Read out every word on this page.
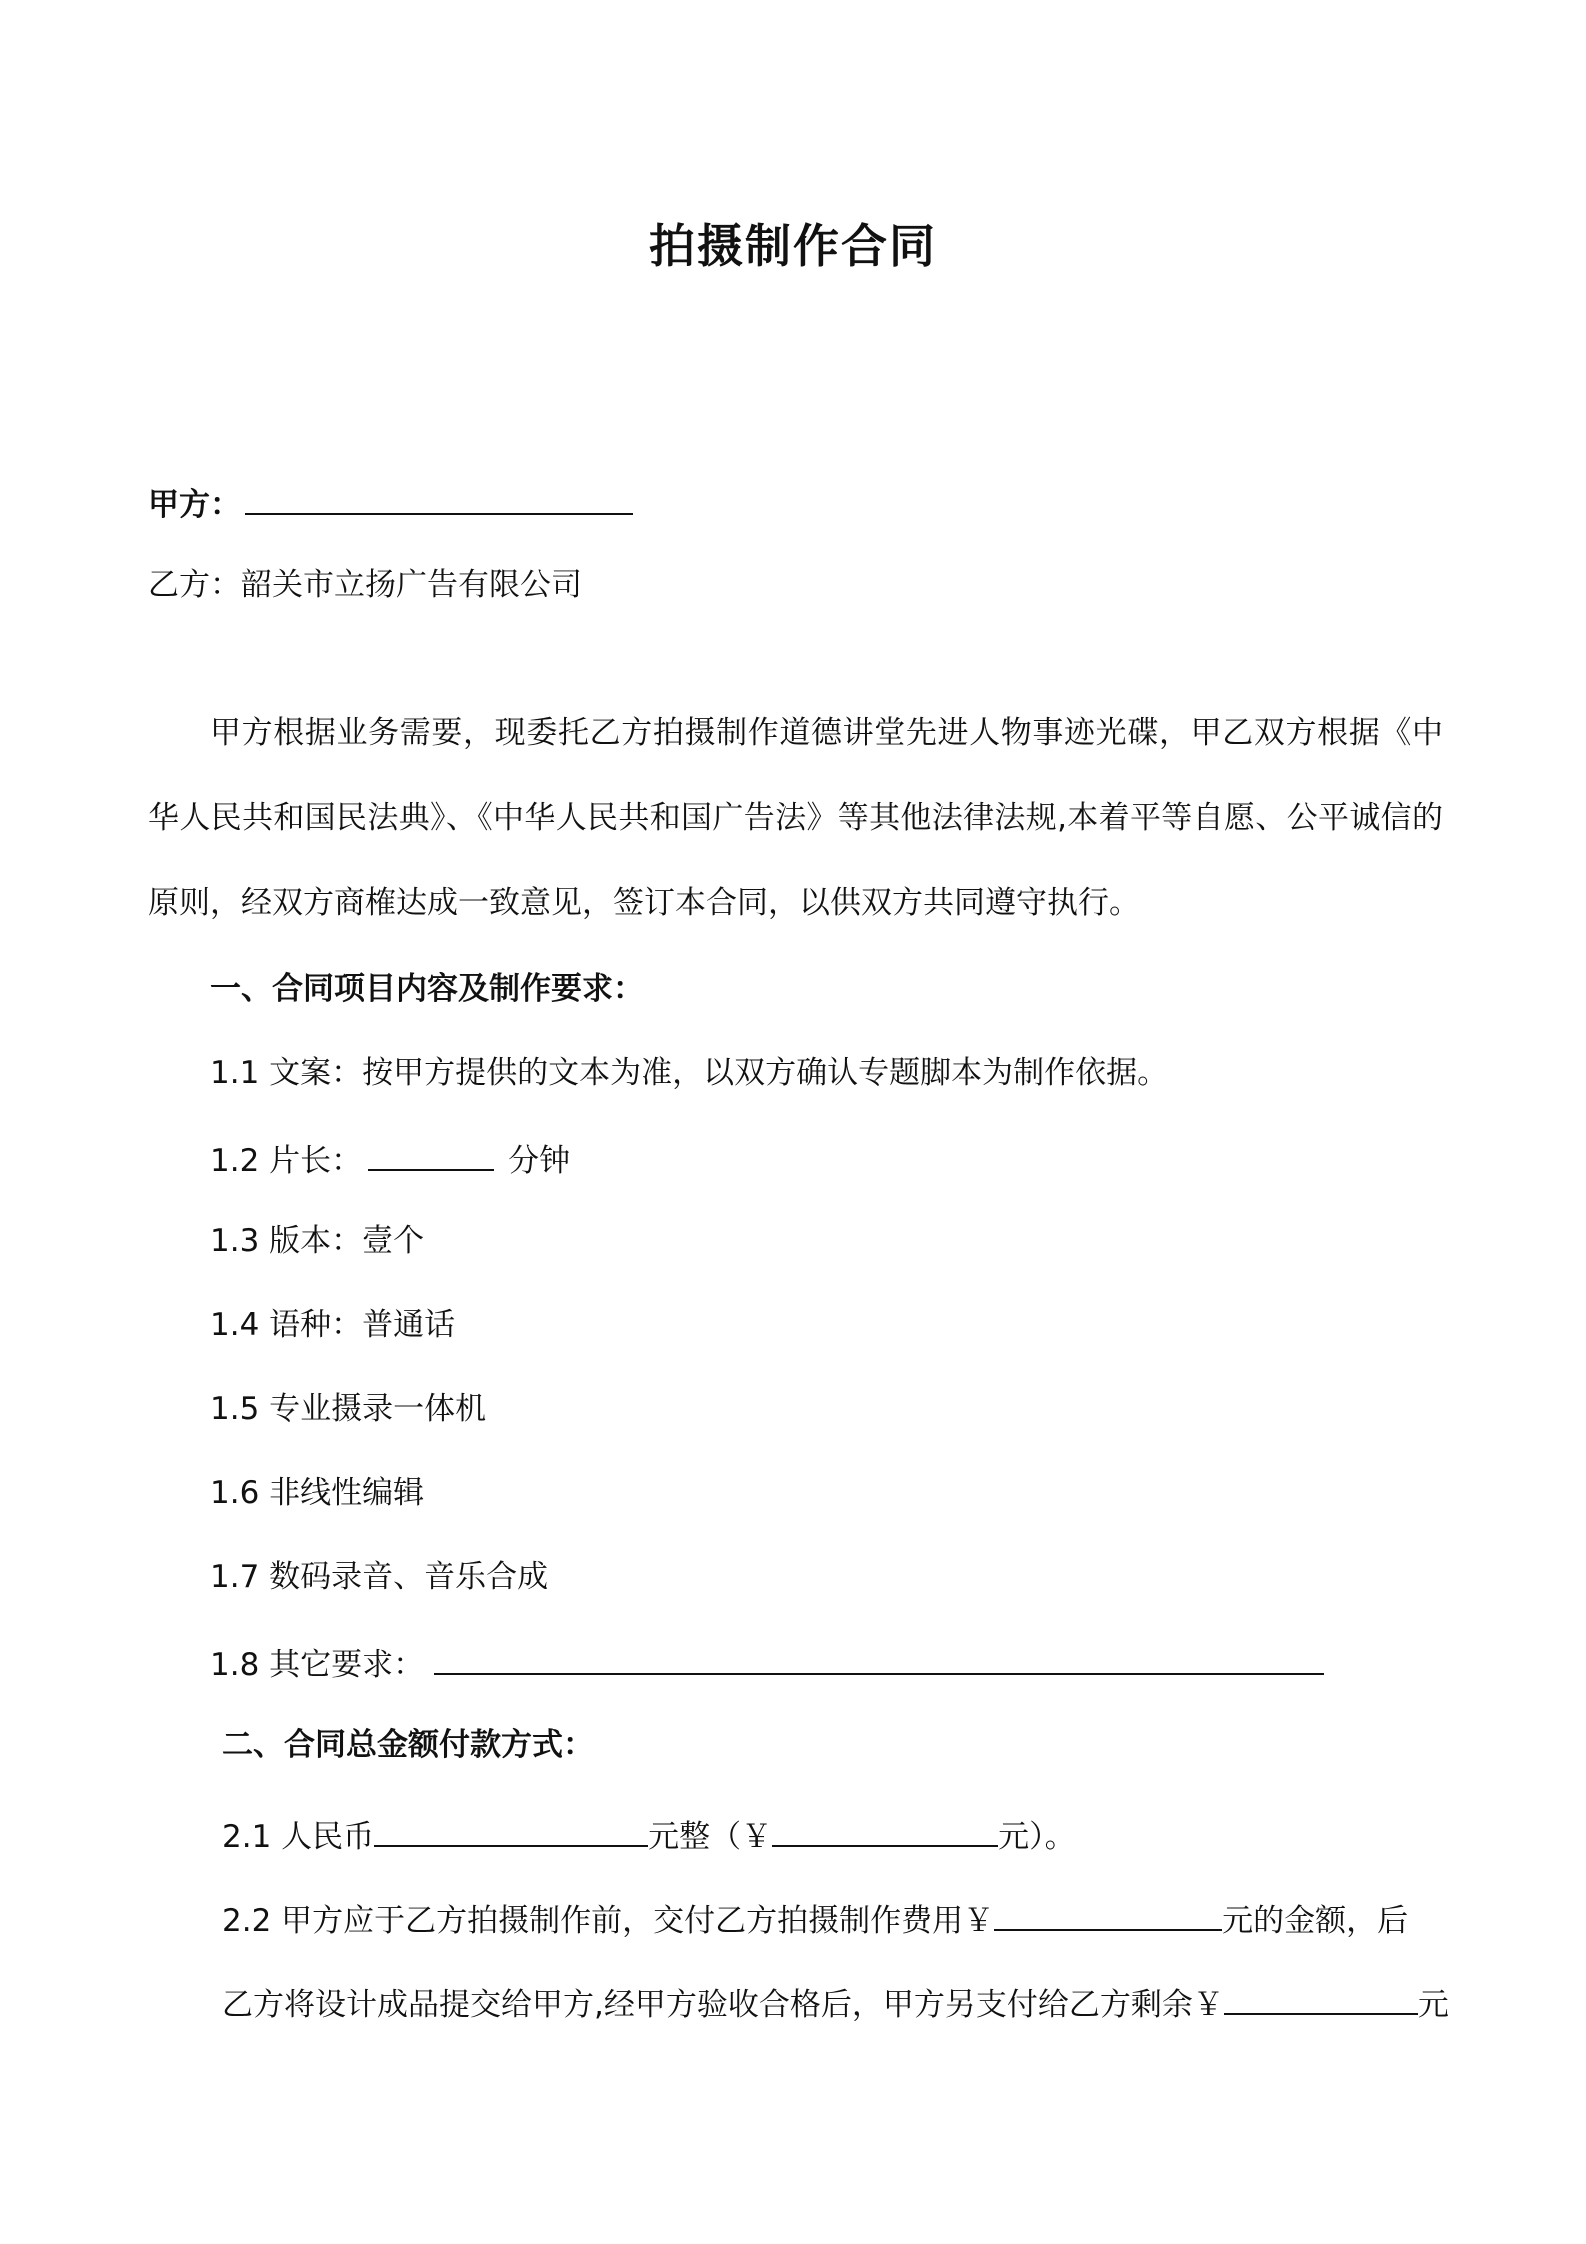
拍摄制作合同
甲方：
乙方：韶关市立扬广告有限公司
甲方根据业务需要，现委托乙方拍摄制作道德讲堂先进人物事迹光碟，甲乙双方根据《中华人民共和国民法典》、《中华人民共和国广告法》等其他法律法规,本着平等自愿、公平诚信的原则，经双方商榷达成一致意见，签订本合同，以供双方共同遵守执行。
一、合同项目内容及制作要求：
1.1 文案：按甲方提供的文本为准，以双方确认专题脚本为制作依据。
1.2 片长：	分钟
1.3 版本：壹个
1.4 语种：普通话
1.5 专业摄录一体机
1.6 非线性编辑
1.7 数码录音、音乐合成
1.8 其它要求：
二、合同总金额付款方式：
2.1 人民币	元整（￥	元）。
2.2 甲方应于乙方拍摄制作前，交付乙方拍摄制作费用￥	元的金额，后
乙方将设计成品提交给甲方,经甲方验收合格后，甲方另支付给乙方剩余￥	元
